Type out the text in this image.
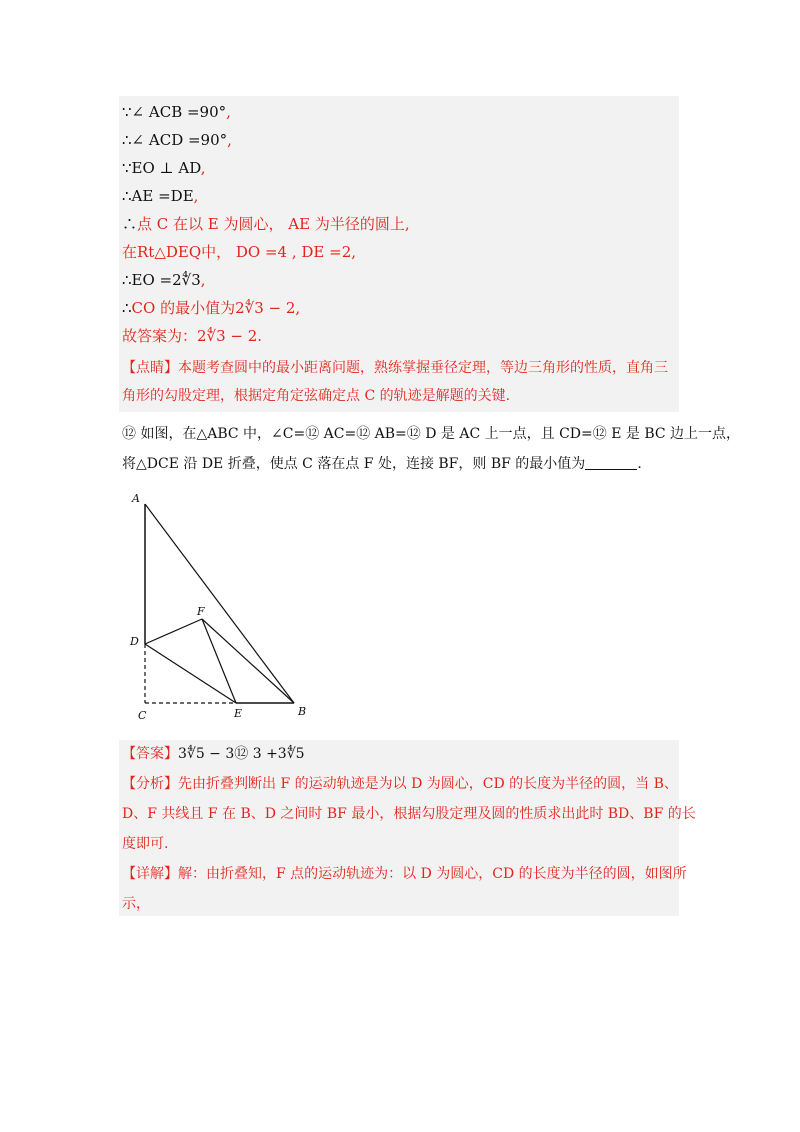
∵∠ ACB =90°,
∴∠ ACD =90°,
∵EO ⊥ AD,
∴AE =DE,
∴点 C 在以 E 为圆心， AE 为半径的圆上,
在Rt△DEQ中， DO =4 , DE =2,
∴EO =2∜3,
∴CO 的最小值为2∜3 − 2,
故答案为：2∜3 − 2.
【点睛】本题考查圆中的最小距离问题，熟练掌握垂径定理，等边三角形的性质，直角三
角形的勾股定理，根据定角定弦确定点 C 的轨迹是解题的关键.
⑫ 如图，在△ABC 中，∠C=⑫ AC=⑫ AB=⑫ D 是 AC 上一点，且 CD=⑫ E 是 BC 边上一点，
将△DCE 沿 DE 折叠，使点 C 落在点 F 处，连接 BF，则 BF 的最小值为	.
A
D
F
C	E	B
【答案】3∜5 − 3⑫ 3 +3∜5
【分析】先由折叠判断出 F 的运动轨迹是为以 D 为圆心，CD 的长度为半径的圆，当 B、
D、F 共线且 F 在 B、D 之间时 BF 最小，根据勾股定理及圆的性质求出此时 BD、BF 的长
度即可.
【详解】解：由折叠知，F 点的运动轨迹为：以 D 为圆心，CD 的长度为半径的圆，如图所
示，
